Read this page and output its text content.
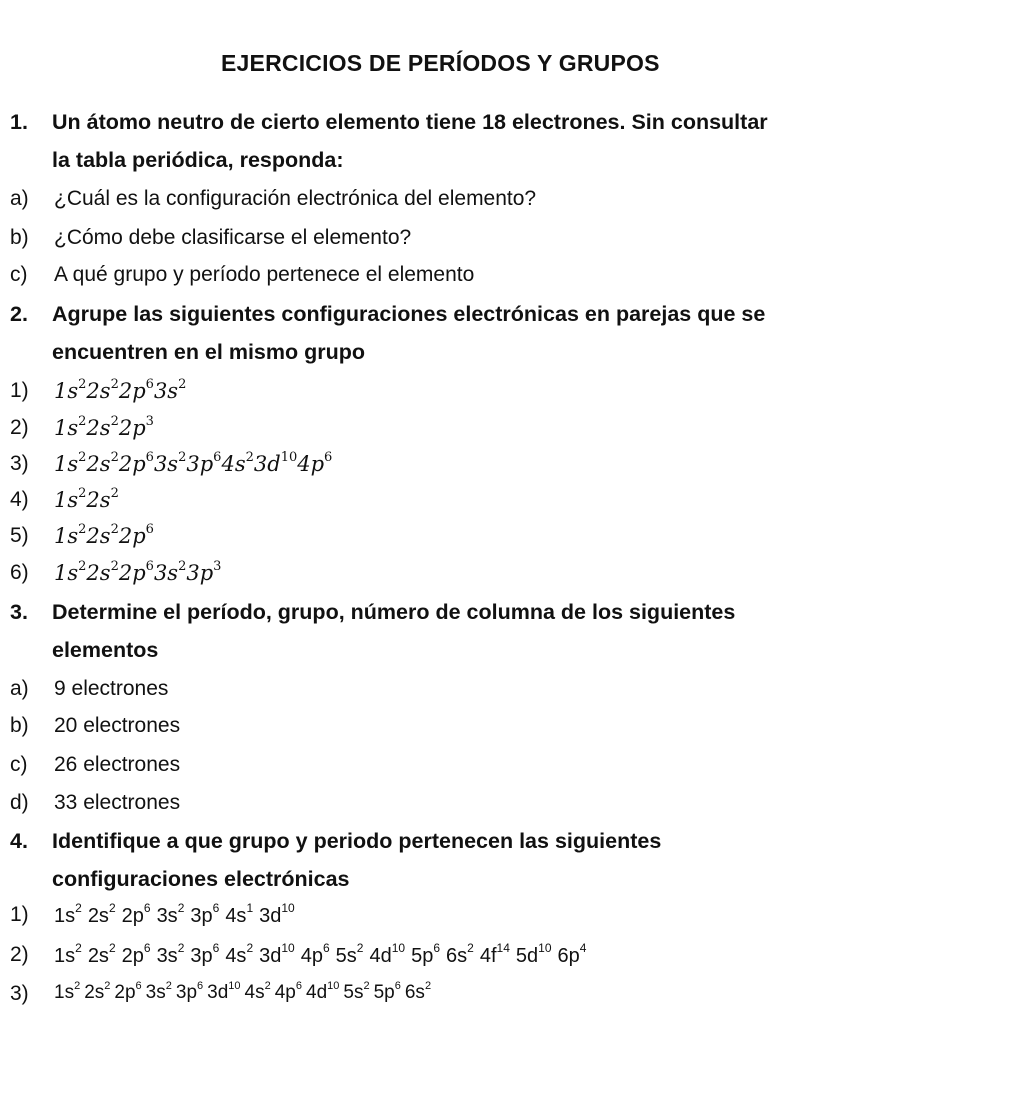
EJERCICIOS DE PERÍODOS Y GRUPOS
1. Un átomo neutro de cierto elemento tiene 18 electrones. Sin consultar
la tabla periódica, responda:
a) ¿Cuál es la configuración electrónica del elemento?
b) ¿Cómo debe clasificarse el elemento?
c) A qué grupo y período pertenece el elemento
2. Agrupe las siguientes configuraciones electrónicas en parejas que se
encuentren en el mismo grupo
1) $1s^22s^22p^63s^2$
2) $1s^22s^22p^3$
3) $1s^22s^22p^63s^23p^64s^23d^{10}4p^6$
4) $1s^22s^2$
5) $1s^22s^22p^6$
6) $1s^22s^22p^63s^23p^3$
3. Determine el período, grupo, número de columna de los siguientes
elementos
a) 9 electrones
b) 20 electrones
c) 26 electrones
d) 33 electrones
4. Identifique a que grupo y periodo pertenecen las siguientes
configuraciones electrónicas
1) $1s^2$ $2s^2$ $2p^6$ $3s^2$ $3p^6$ $4s^1$ $3d^{10}$
2) $1s^2$ $2s^2$ $2p^6$ $3s^2$ $3p^6$ $4s^2$ $3d^{10}$ $4p^6$ $5s^2$ $4d^{10}$ $5p^6$ $6s^2$ $4f^{14}$ $5d^{10}$ $6p^4$
3) $1s^2$ $2s^2$ $2p^6$ $3s^2$ $3p^6$ $3d^{10}$ $4s^2$ $4p^6$ $4d^{10}$ $5s^2$ $5p^6$ $6s^2$
